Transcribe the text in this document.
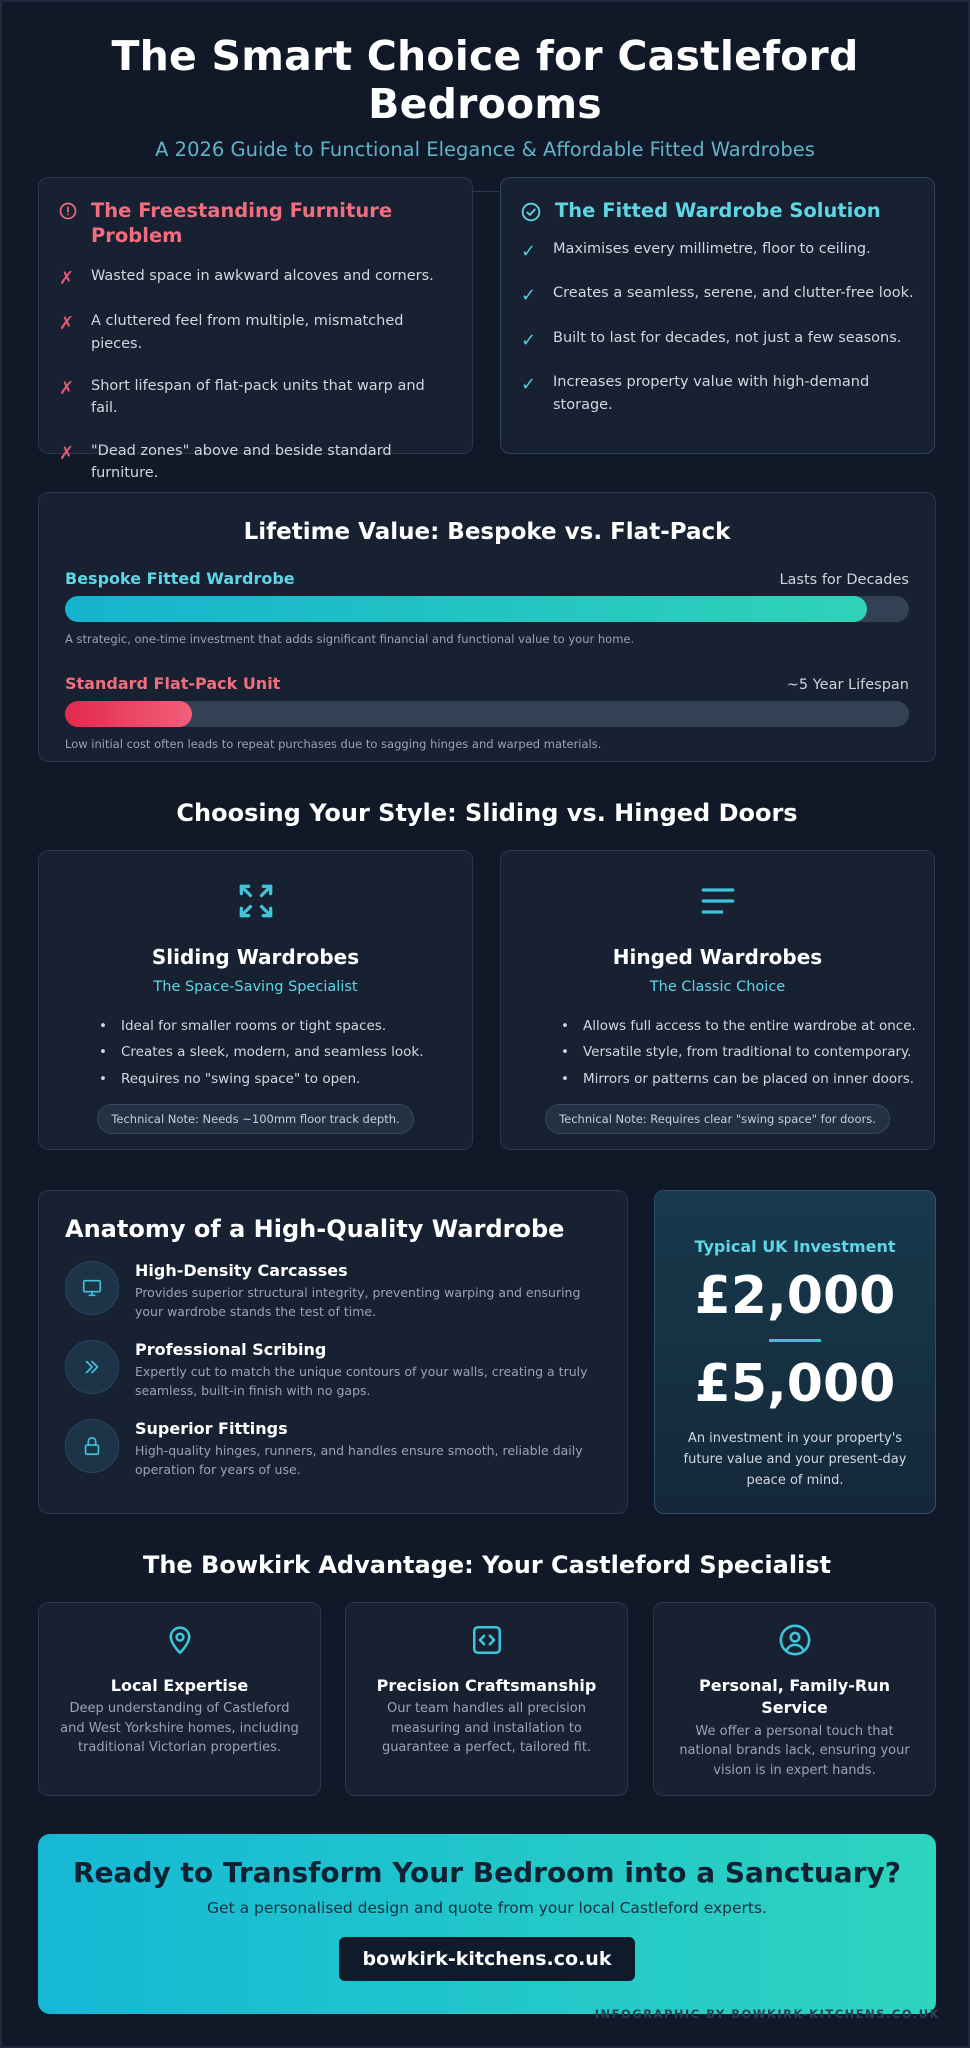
The Smart Choice for Castleford Bedrooms
A 2026 Guide to Functional Elegance & Affordable Fitted Wardrobes
The Freestanding Furniture Problem
✗	Wasted space in awkward alcoves and corners.
✗	A cluttered feel from multiple, mismatched pieces.
✗	Short lifespan of flat-pack units that warp and fail.
✗	"Dead zones" above and beside standard furniture.
The Fitted Wardrobe Solution
✓	Maximises every millimetre, floor to ceiling.
✓	Creates a seamless, serene, and clutter-free look.
✓	Built to last for decades, not just a few seasons.
✓	Increases property value with high-demand storage.
Lifetime Value: Bespoke vs. Flat-Pack
Bespoke Fitted Wardrobe	Lasts for Decades
A strategic, one-time investment that adds significant financial and functional value to your home.
Standard Flat-Pack Unit	~5 Year Lifespan
Low initial cost often leads to repeat purchases due to sagging hinges and warped materials.
Choosing Your Style: Sliding vs. Hinged Doors
Sliding Wardrobes
The Space-Saving Specialist
• Ideal for smaller rooms or tight spaces.
• Creates a sleek, modern, and seamless look.
• Requires no "swing space" to open.
Technical Note: Needs ~100mm floor track depth.
Hinged Wardrobes
The Classic Choice
• Allows full access to the entire wardrobe at once.
• Versatile style, from traditional to contemporary.
• Mirrors or patterns can be placed on inner doors.
Technical Note: Requires clear "swing space" for doors.
Anatomy of a High-Quality Wardrobe
High-Density Carcasses
Provides superior structural integrity, preventing warping and ensuring your wardrobe stands the test of time.
Professional Scribing
Expertly cut to match the unique contours of your walls, creating a truly seamless, built-in finish with no gaps.
Superior Fittings
High-quality hinges, runners, and handles ensure smooth, reliable daily operation for years of use.
Typical UK Investment
£2,000
£5,000
An investment in your property's future value and your present-day peace of mind.
The Bowkirk Advantage: Your Castleford Specialist
Local Expertise
Deep understanding of Castleford and West Yorkshire homes, including traditional Victorian properties.
Precision Craftsmanship
Our team handles all precision measuring and installation to guarantee a perfect, tailored fit.
Personal, Family-Run Service
We offer a personal touch that national brands lack, ensuring your vision is in expert hands.
Ready to Transform Your Bedroom into a Sanctuary?
Get a personalised design and quote from your local Castleford experts.
bowkirk-kitchens.co.uk
INFOGRAPHIC BY BOWKIRK-KITCHENS.CO.UK
